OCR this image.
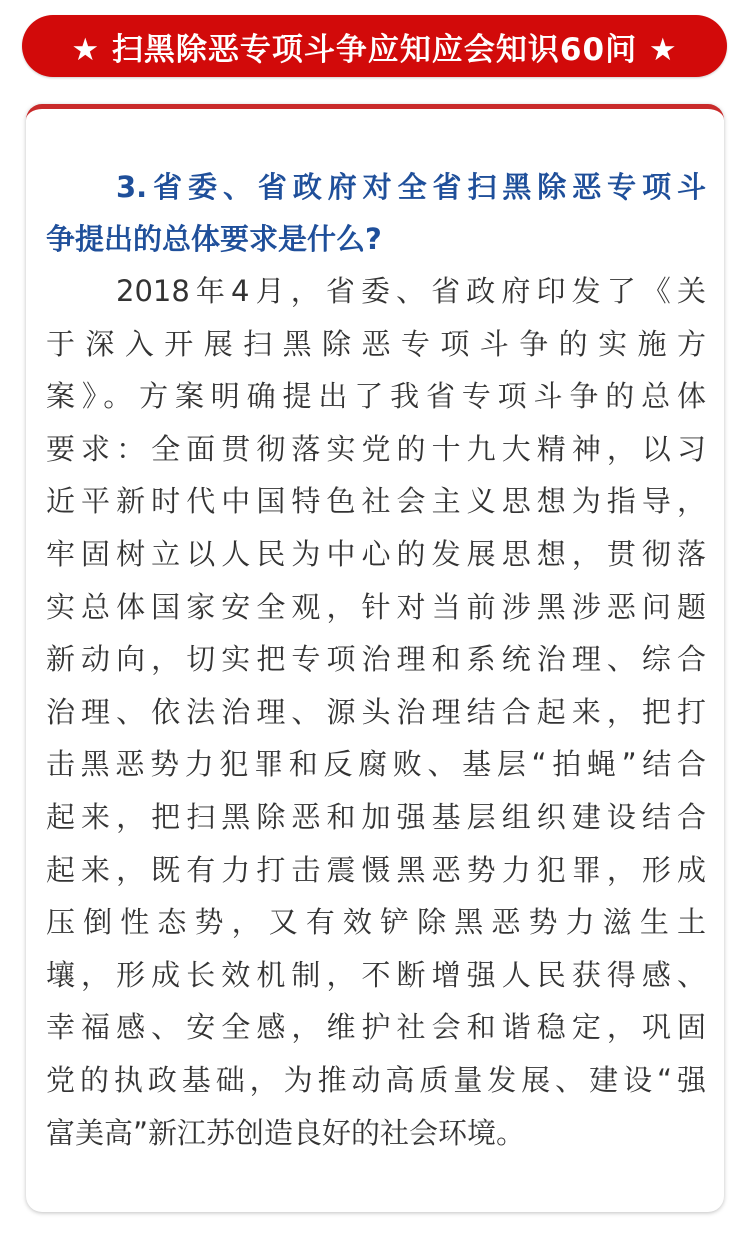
★ 扫黑除恶专项斗争应知应会知识60问 ★
3.省委、省政府对全省扫黑除恶专项斗
争提出的总体要求是什么?
2018年4月，省委、省政府印发了《关
于深入开展扫黑除恶专项斗争的实施方
案》。方案明确提出了我省专项斗争的总体
要求：全面贯彻落实党的十九大精神，以习
近平新时代中国特色社会主义思想为指导，
牢固树立以人民为中心的发展思想，贯彻落
实总体国家安全观，针对当前涉黑涉恶问题
新动向，切实把专项治理和系统治理、综合
治理、依法治理、源头治理结合起来，把打
击黑恶势力犯罪和反腐败、基层“拍蝇”结合
起来，把扫黑除恶和加强基层组织建设结合
起来，既有力打击震慑黑恶势力犯罪，形成
压倒性态势，又有效铲除黑恶势力滋生土
壤，形成长效机制，不断增强人民获得感、
幸福感、安全感，维护社会和谐稳定，巩固
党的执政基础，为推动高质量发展、建设“强
富美高”新江苏创造良好的社会环境。
